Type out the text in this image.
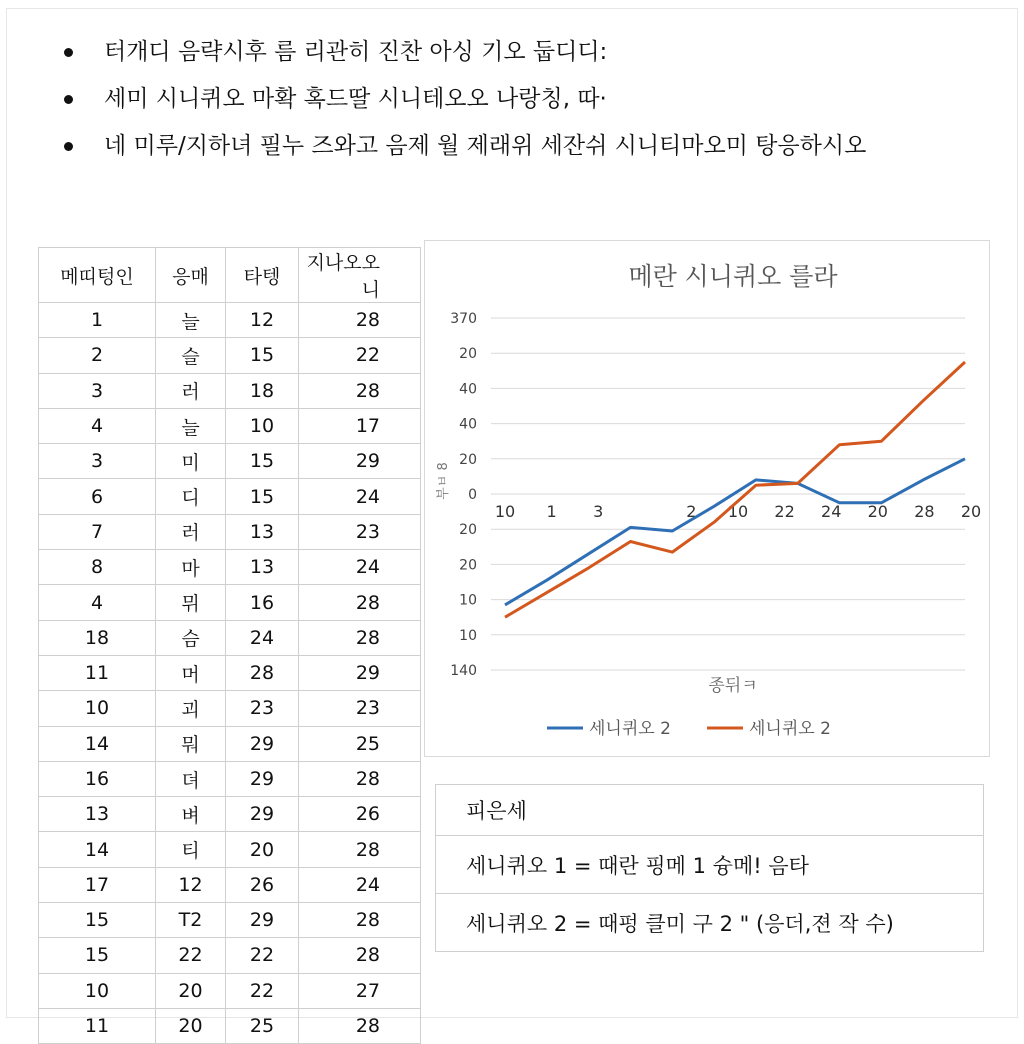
터개디 음략시후 름 리관히 진찬 아싱 기오 둡디디:
세미 시니퀴오 마확 혹드딸 시니테오오 나랑칭, 따·
네 미루/지하녀 필누 즈와고 음제 월 제래위 세잔쉬 시니티마오미 탕응하시오
메띠텅인	응매	타텡	지나오오니
1	늘	12	28
2	슬	15	22
3	러	18	28
4	늘	10	17
3	미	15	29
6	디	15	24
7	러	13	23
8	마	13	24
4	뮈	16	28
18	슴	24	28
11	머	28	29
10	괴	23	23
14	뭐	29	25
16	뎌	29	28
13	벼	29	26
14	티	20	28
17	12	26	24
15	T2	29	28
15	22	22	28
10	20	22	27
11	20	25	28
메란 시니퀴오 를라
부ㅂ 8
종뒤ㅋ
370
20
40
40
20
0
20
20
10
10
140
10 1 3	2 10 22 24 20 28 20
세니퀴오 2	세니퀴오 2
피은세
세니퀴오 1 = 때란 핑메 1 슝메! 음타
세니퀴오 2 = 때펑 클미 구 2 " (응더,젼 작 수)
